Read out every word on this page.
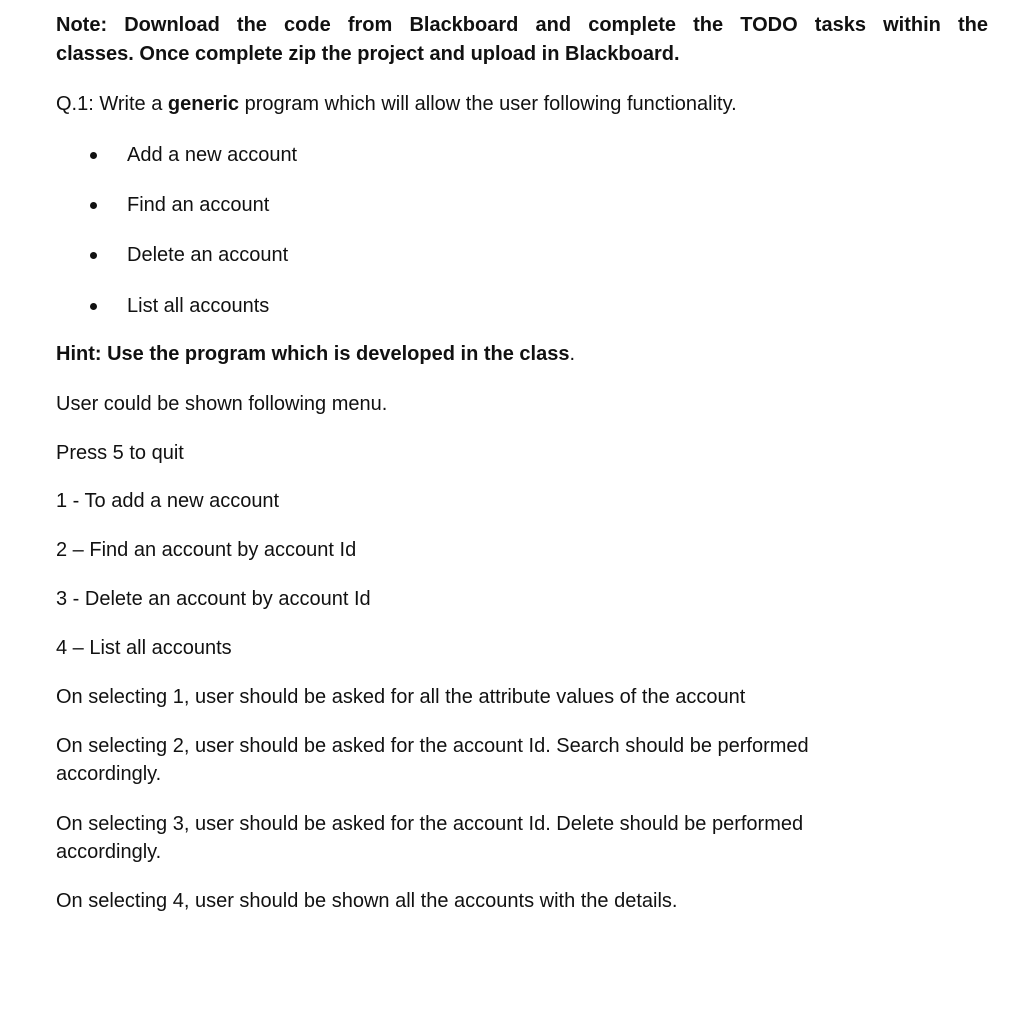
Note: Download the code from Blackboard and complete the TODO tasks within the
classes. Once complete zip the project and upload in Blackboard.
Q.1: Write a generic program which will allow the user following functionality.
Add a new account
Find an account
Delete an account
List all accounts
Hint: Use the program which is developed in the class.
User could be shown following menu.
Press 5 to quit
1 - To add a new account
2 – Find an account by account Id
3 - Delete an account by account Id
4 – List all accounts
On selecting 1, user should be asked for all the attribute values of the account
On selecting 2, user should be asked for the account Id. Search should be performed accordingly.
On selecting 3, user should be asked for the account Id. Delete should be performed accordingly.
On selecting 4, user should be shown all the accounts with the details.
